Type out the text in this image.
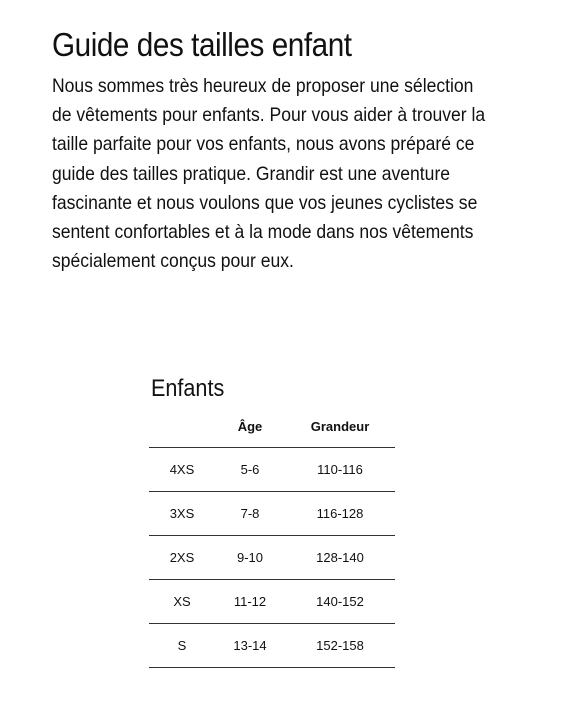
Guide des tailles enfant

Nous sommes très heureux de proposer une sélection
de vêtements pour enfants. Pour vous aider à trouver la
taille parfaite pour vos enfants, nous avons préparé ce
guide des tailles pratique. Grandir est une aventure
fascinante et nous voulons que vos jeunes cyclistes se
sentent confortables et à la mode dans nos vêtements
spécialement conçus pour eux.

Enfants
	Âge	Grandeur
4XS	5-6	110-116
3XS	7-8	116-128
2XS	9-10	128-140
XS	11-12	140-152
S	13-14	152-158
